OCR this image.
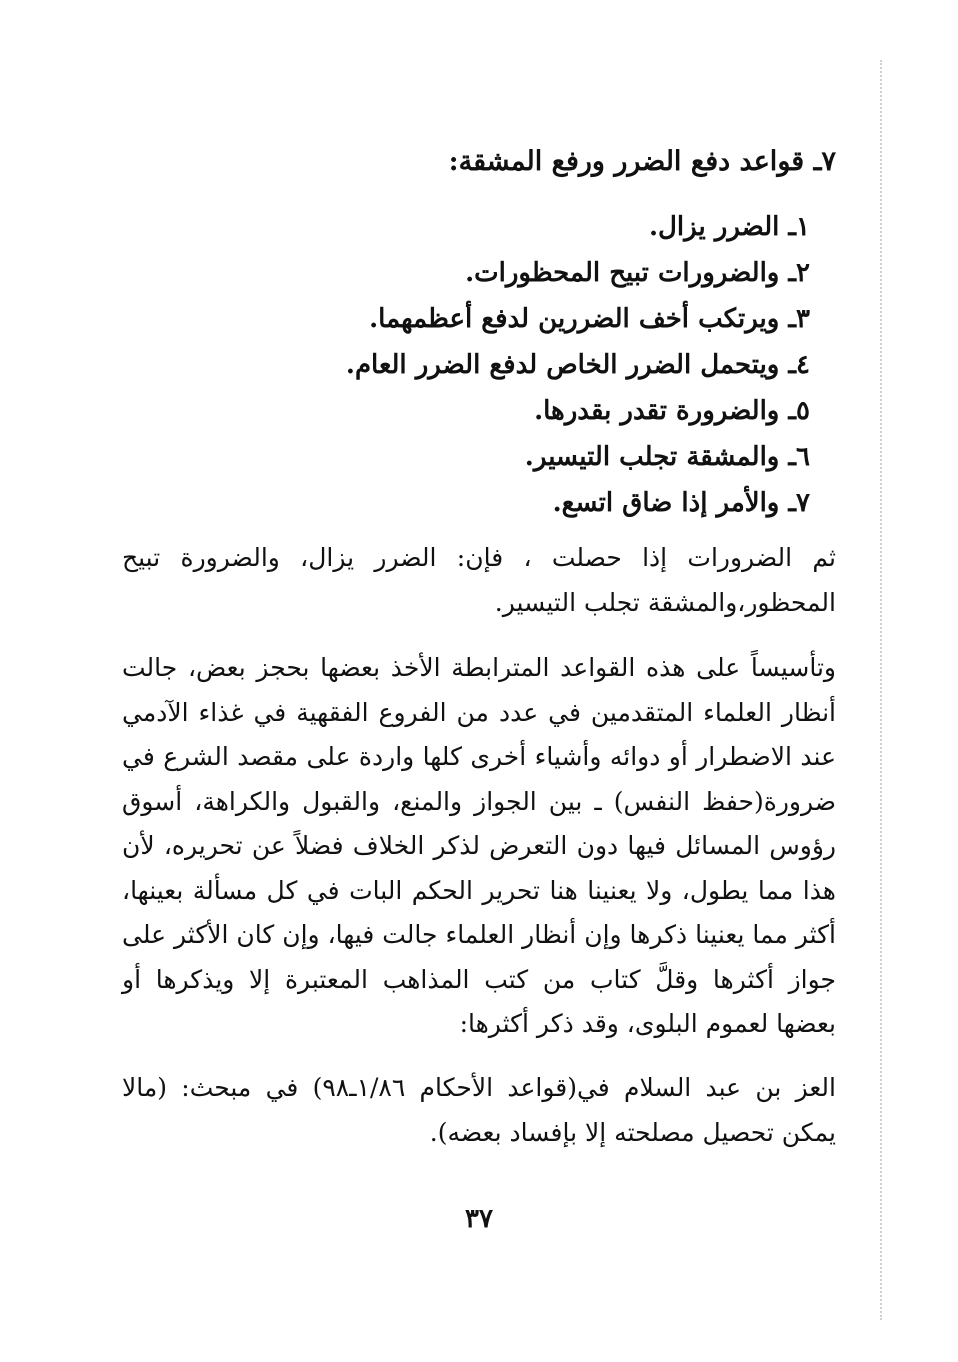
٧ـ قواعد دفع الضرر ورفع المشقة:
١ـ الضرر يزال.
٢ـ والضرورات تبيح المحظورات.
٣ـ ويرتكب أخف الضررين لدفع أعظمهما.
٤ـ ويتحمل الضرر الخاص لدفع الضرر العام.
٥ـ والضرورة تقدر بقدرها.
٦ـ والمشقة تجلب التيسير.
٧ـ والأمر إذا ضاق اتسع.

ثم الضرورات إذا حصلت ، فإن: الضرر يزال، والضرورة تبيح المحظور،والمشقة تجلب التيسير.

وتأسيساً على هذه القواعد المترابطة الأخذ بعضها بحجز بعض، جالت أنظار العلماء المتقدمين في عدد من الفروع الفقهية في غذاء الآدمي عند الاضطرار أو دوائه وأشياء أخرى كلها واردة على مقصد الشرع في ضرورة(حفظ النفس) ـ بين الجواز والمنع، والقبول والكراهة، أسوق رؤوس المسائل فيها دون التعرض لذكر الخلاف فضلاً عن تحريره، لأن هذا مما يطول، ولا يعنينا هنا تحرير الحكم البات في كل مسألة بعينها، أكثر مما يعنينا ذكرها وإن أنظار العلماء جالت فيها، وإن كان الأكثر على جواز أكثرها وقلَّ كتاب من كتب المذاهب المعتبرة إلا ويذكرها أو بعضها لعموم البلوى، وقد ذكر أكثرها:

العز بن عبد السلام في(قواعد الأحكام ١/٨٦ـ٩٨) في مبحث: (مالا يمكن تحصيل مصلحته إلا بإفساد بعضه).

٣٧
